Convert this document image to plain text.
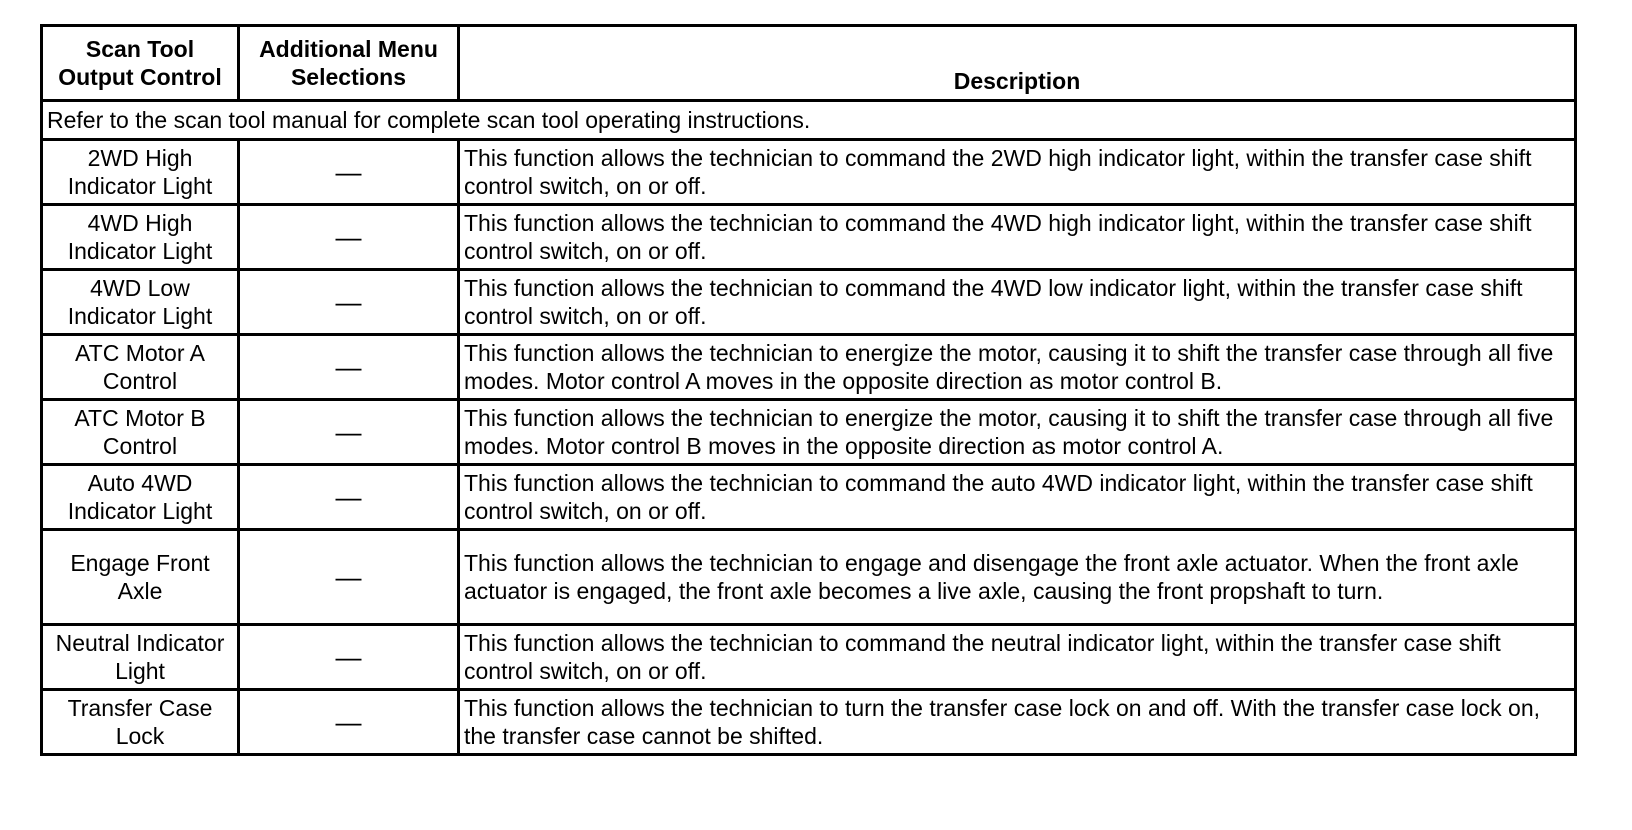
Scan Tool Output Control	Additional Menu Selections	Description
Refer to the scan tool manual for complete scan tool operating instructions.		
2WD High Indicator Light	—	This function allows the technician to command the 2WD high indicator light, within the transfer case shift control switch, on or off.
4WD High Indicator Light	—	This function allows the technician to command the 4WD high indicator light, within the transfer case shift control switch, on or off.
4WD Low Indicator Light	—	This function allows the technician to command the 4WD low indicator light, within the transfer case shift control switch, on or off.
ATC Motor A Control	—	This function allows the technician to energize the motor, causing it to shift the transfer case through all five modes. Motor control A moves in the opposite direction as motor control B.
ATC Motor B Control	—	This function allows the technician to energize the motor, causing it to shift the transfer case through all five modes. Motor control B moves in the opposite direction as motor control A.
Auto 4WD Indicator Light	—	This function allows the technician to command the auto 4WD indicator light, within the transfer case shift control switch, on or off.
Engage Front Axle	—	This function allows the technician to engage and disengage the front axle actuator. When the front axle actuator is engaged, the front axle becomes a live axle, causing the front propshaft to turn.
Neutral Indicator Light	—	This function allows the technician to command the neutral indicator light, within the transfer case shift control switch, on or off.
Transfer Case Lock	—	This function allows the technician to turn the transfer case lock on and off. With the transfer case lock on, the transfer case cannot be shifted.
